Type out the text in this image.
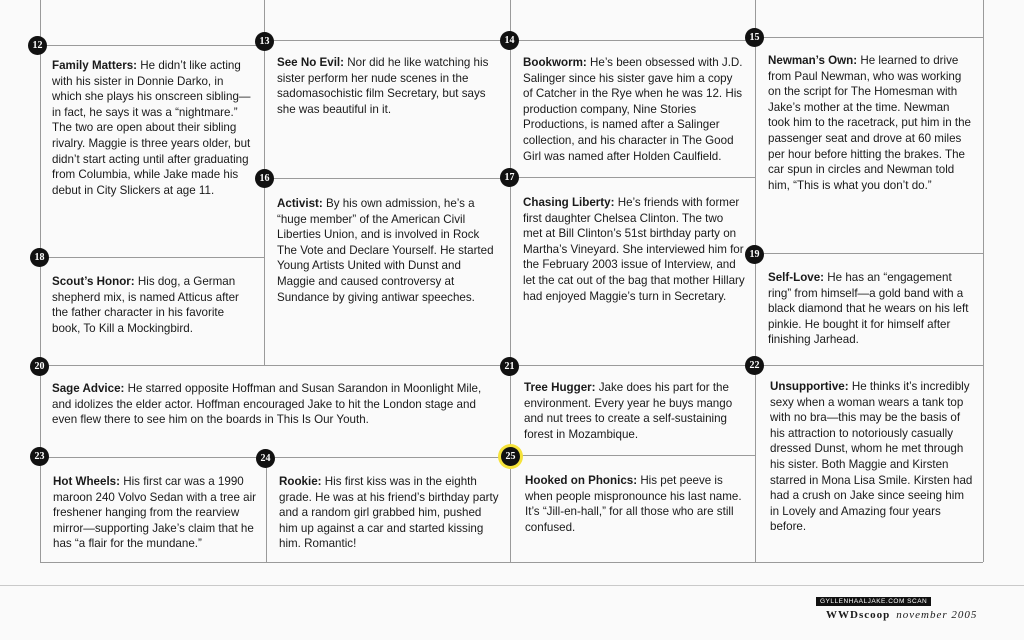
12	13	14	15
16	17
18	19
20	21	22
23	24	25
Family Matters: He didn’t like acting with his sister in Donnie Darko, in which she plays his onscreen sibling—in fact, he says it was a “nightmare.” The two are open about their sibling rivalry. Maggie is three years older, but didn’t start acting until after graduating from Columbia, while Jake made his debut in City Slickers at age 11.
See No Evil: Nor did he like watching his sister perform her nude scenes in the sadomasochistic film Secretary, but says she was beautiful in it.
Bookworm: He’s been obsessed with J.D. Salinger since his sister gave him a copy of Catcher in the Rye when he was 12. His production company, Nine Stories Productions, is named after a Salinger collection, and his character in The Good Girl was named after Holden Caulfield.
Newman’s Own: He learned to drive from Paul Newman, who was working on the script for The Homesman with Jake’s mother at the time. Newman took him to the racetrack, put him in the passenger seat and drove at 60 miles per hour before hitting the brakes. The car spun in circles and Newman told him, “This is what you don’t do.”
Activist: By his own admission, he’s a “huge member” of the American Civil Liberties Union, and is involved in Rock The Vote and Declare Yourself. He started Young Artists United with Dunst and Maggie and caused controversy at Sundance by giving antiwar speeches.
Chasing Liberty: He’s friends with former first daughter Chelsea Clinton. The two met at Bill Clinton’s 51st birthday party on Martha’s Vineyard. She interviewed him for the February 2003 issue of Interview, and let the cat out of the bag that mother Hillary had enjoyed Maggie’s turn in Secretary.
Scout’s Honor: His dog, a German shepherd mix, is named Atticus after the father character in his favorite book, To Kill a Mockingbird.
Self-Love: He has an “engagement ring” from himself—a gold band with a black diamond that he wears on his left pinkie. He bought it for himself after finishing Jarhead.
Sage Advice: He starred opposite Hoffman and Susan Sarandon in Moonlight Mile, and idolizes the elder actor. Hoffman encouraged Jake to hit the London stage and even flew there to see him on the boards in This Is Our Youth.
Tree Hugger: Jake does his part for the environment. Every year he buys mango and nut trees to create a self-sustaining forest in Mozambique.
Unsupportive: He thinks it’s incredibly sexy when a woman wears a tank top with no bra—this may be the basis of his attraction to notoriously casually dressed Dunst, whom he met through his sister. Both Maggie and Kirsten starred in Mona Lisa Smile. Kirsten had had a crush on Jake since seeing him in Lovely and Amazing four years before.
Hot Wheels: His first car was a 1990 maroon 240 Volvo Sedan with a tree air freshener hanging from the rearview mirror—supporting Jake’s claim that he has “a flair for the mundane.”
Rookie: His first kiss was in the eighth grade. He was at his friend’s birthday party and a random girl grabbed him, pushed him up against a car and started kissing him. Romantic!
Hooked on Phonics: His pet peeve is when people mispronounce his last name. It’s “Jill-en-hall,” for all those who are still confused.
GYLLENHAALJAKE.COM SCAN
WWDscoop november 2005
